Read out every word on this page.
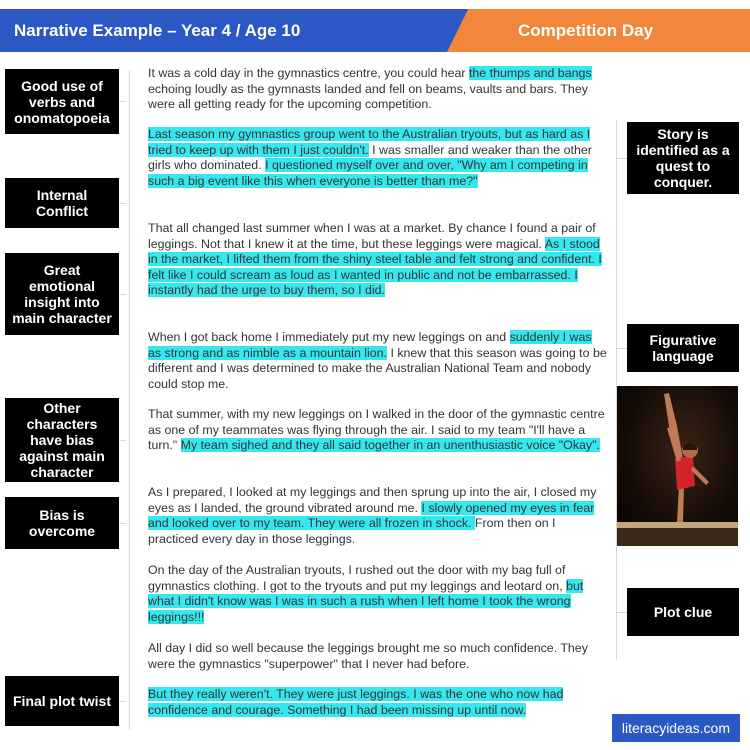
Narrative Example – Year 4 / Age 10	Competition Day
Good use of verbs and onomatopoeia
Internal Conflict
Great emotional insight into main character
Other characters have bias against main character
Bias is overcome
Final plot twist
Story is identified as a quest to conquer.
Figurative language
Plot clue
It was a cold day in the gymnastics centre, you could hear the thumps and bangs echoing loudly as the gymnasts landed and fell on beams, vaults and bars. They were all getting ready for the upcoming competition.
Last season my gymnastics group went to the Australian tryouts, but as hard as I tried to keep up with them I just couldn't. I was smaller and weaker than the other girls who dominated. I questioned myself over and over, "Why am I competing in such a big event like this when everyone is better than me?"
That all changed last summer when I was at a market. By chance I found a pair of leggings. Not that I knew it at the time, but these leggings were magical. As I stood in the market, I lifted them from the shiny steel table and felt strong and confident. I felt like I could scream as loud as I wanted in public and not be embarrassed. I instantly had the urge to buy them, so I did.
When I got back home I immediately put my new leggings on and suddenly I was as strong and as nimble as a mountain lion. I knew that this season was going to be different and I was determined to make the Australian National Team and nobody could stop me.
That summer, with my new leggings on I walked in the door of the gymnastic centre as one of my teammates was flying through the air. I said to my team "I'll have a turn." My team sighed and they all said together in an unenthusiastic voice "Okay".
As I prepared, I looked at my leggings and then sprung up into the air, I closed my eyes as I landed, the ground vibrated around me. I slowly opened my eyes in fear and looked over to my team. They were all frozen in shock. From then on I practiced every day in those leggings.
On the day of the Australian tryouts, I rushed out the door with my bag full of gymnastics clothing. I got to the tryouts and put my leggings and leotard on, but what I didn't know was I was in such a rush when I left home I took the wrong leggings!!!
All day I did so well because the leggings brought me so much confidence. They were the gymnastics "superpower" that I never had before.
But they really weren't. They were just leggings. I was the one who now had confidence and courage. Something I had been missing up until now.
literacyideas.com
